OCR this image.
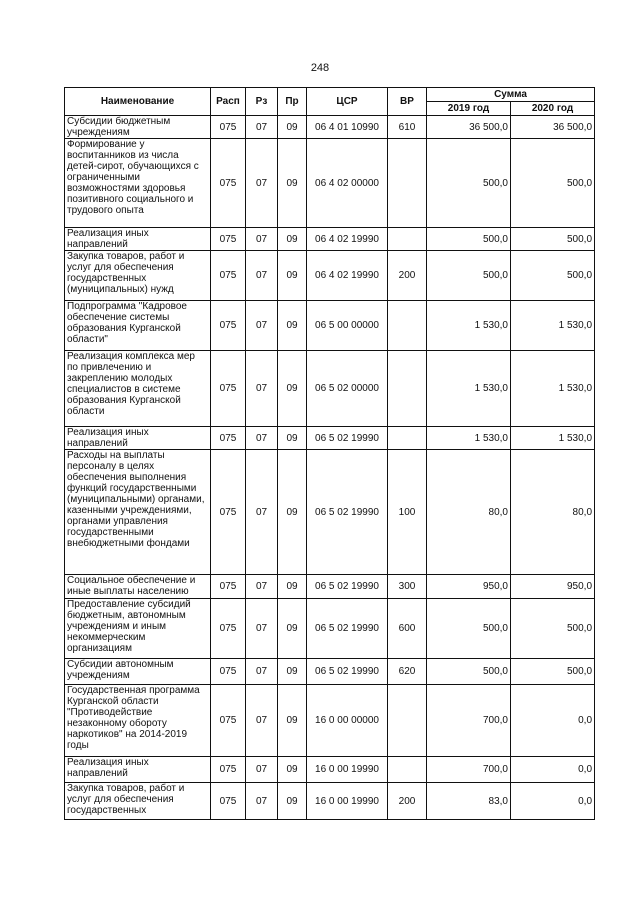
248
Наименование	Расп	Рз	Пр	ЦСР	ВР	Сумма	
						2019 год	2020 год
Субсидии бюджетным учреждениям	075	07	09	06 4 01 10990	610	36 500,0	36 500,0
Формирование у воспитанников из числа детей-сирот, обучающихся с ограниченными возможностями здоровья позитивного социального и трудового опыта	075	07	09	06 4 02 00000		500,0	500,0
Реализация иных направлений	075	07	09	06 4 02 19990		500,0	500,0
Закупка товаров, работ и услуг для обеспечения государственных (муниципальных) нужд	075	07	09	06 4 02 19990	200	500,0	500,0
Подпрограмма "Кадровое обеспечение системы образования Курганской области"	075	07	09	06 5 00 00000		1 530,0	1 530,0
Реализация комплекса мер по привлечению и закреплению молодых специалистов в системе образования Курганской области	075	07	09	06 5 02 00000		1 530,0	1 530,0
Реализация иных направлений	075	07	09	06 5 02 19990		1 530,0	1 530,0
Расходы на выплаты персоналу в целях обеспечения выполнения функций государственными (муниципальными) органами, казенными учреждениями, органами управления государственными внебюджетными фондами	075	07	09	06 5 02 19990	100	80,0	80,0
Социальное обеспечение и иные выплаты населению	075	07	09	06 5 02 19990	300	950,0	950,0
Предоставление субсидий бюджетным, автономным учреждениям и иным некоммерческим организациям	075	07	09	06 5 02 19990	600	500,0	500,0
Субсидии автономным учреждениям	075	07	09	06 5 02 19990	620	500,0	500,0
Государственная программа Курганской области "Противодействие незаконному обороту наркотиков" на 2014-2019 годы	075	07	09	16 0 00 00000		700,0	0,0
Реализация иных направлений	075	07	09	16 0 00 19990		700,0	0,0
Закупка товаров, работ и услуг для обеспечения государственных	075	07	09	16 0 00 19990	200	83,0	0,0
